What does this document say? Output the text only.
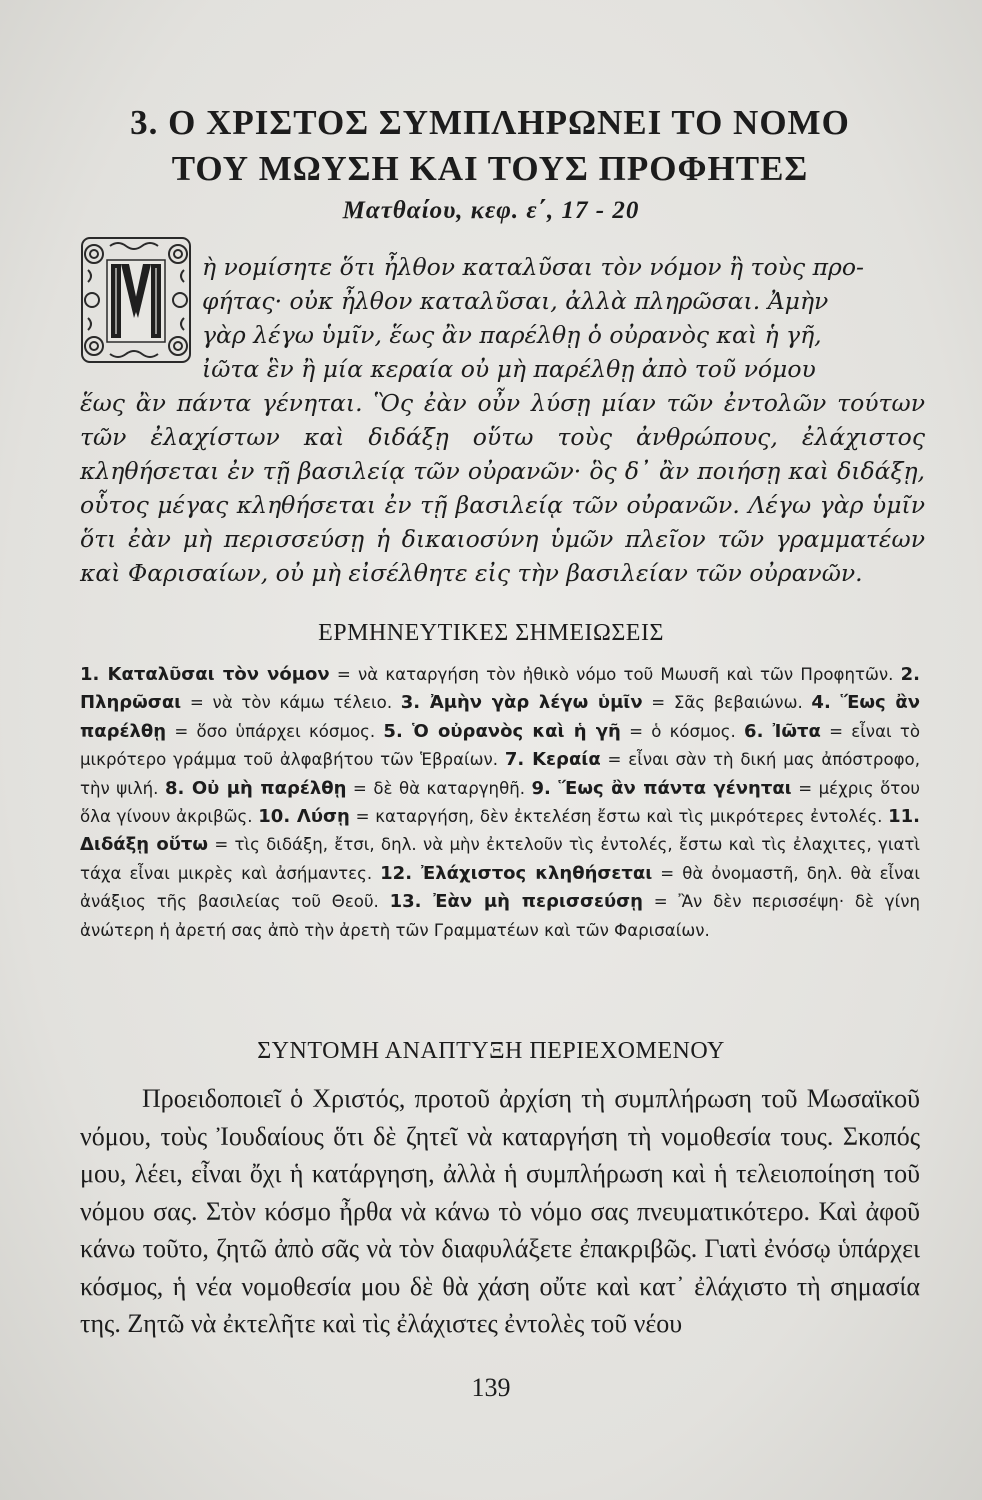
3. Ο ΧΡΙΣΤΟΣ ΣΥΜΠΛΗΡΩΝΕΙ ΤΟ ΝΟΜΟ
ΤΟΥ ΜΩΥΣΗ ΚΑΙ ΤΟΥΣ ΠΡΟΦΗΤΕΣ
Ματθαίου, κεφ. ε΄, 17 - 20
Μ
ὴ νομίσητε ὅτι ἦλθον καταλῦσαι τὸν νόμον ἢ τοὺς προ-
φήτας· οὐκ ἦλθον καταλῦσαι, ἀλλὰ πληρῶσαι. Ἀμὴν
γὰρ λέγω ὑμῖν, ἕως ἂν παρέλθῃ ὁ οὐρανὸς καὶ ἡ γῆ,
ἰῶτα ἓν ἢ μία κεραία οὐ μὴ παρέλθῃ ἀπὸ τοῦ νόμου
ἕως ἂν πάντα γένηται. Ὃς ἐὰν οὖν λύσῃ μίαν τῶν ἐντολῶν τούτων τῶν ἐλαχίστων καὶ διδάξῃ οὕτω τοὺς ἀνθρώπους, ἐλάχιστος κληθήσεται ἐν τῇ βασιλείᾳ τῶν οὐρανῶν· ὃς δ᾽ ἂν ποιήσῃ καὶ διδάξῃ, οὗτος μέγας κληθήσεται ἐν τῇ βασιλείᾳ τῶν οὐρανῶν. Λέγω γὰρ ὑμῖν ὅτι ἐὰν μὴ περισσεύσῃ ἡ δικαιοσύνη ὑμῶν πλεῖον τῶν γραμματέων καὶ Φαρισαίων, οὐ μὴ εἰσέλθητε εἰς τὴν βασιλείαν τῶν οὐρανῶν.
ΕΡΜΗΝΕΥΤΙΚΕΣ ΣΗΜΕΙΩΣΕΙΣ
1. Καταλῦσαι τὸν νόμον = νὰ καταργήση τὸν ἠθικὸ νόμο τοῦ Μωυσῆ καὶ τῶν Προφητῶν. 2. Πληρῶσαι = νὰ τὸν κάμω τέλειο. 3. Ἀμὴν γὰρ λέγω ὑμῖν = Σᾶς βεβαιώνω. 4. Ἕως ἂν παρέλθῃ = ὅσο ὑπάρχει κόσμος. 5. Ὁ οὐρανὸς καὶ ἡ γῆ = ὁ κόσμος. 6. Ἰῶτα = εἶναι τὸ μικρότερο γράμμα τοῦ ἀλφαβήτου τῶν Ἑβραίων. 7. Κεραία = εἶναι σὰν τὴ δική μας ἀπόστροφο, τὴν ψιλή. 8. Οὐ μὴ παρέλθῃ = δὲ θὰ καταργηθῆ. 9. Ἕως ἂν πάντα γένηται = μέχρις ὅτου ὅλα γίνουν ἀκριβῶς. 10. Λύσῃ = καταργήση, δὲν ἐκτελέση ἔστω καὶ τὶς μικρότερες ἐντολές. 11. Διδάξῃ οὕτω = τὶς διδάξη, ἔτσι, δηλ. νὰ μὴν ἐκτελοῦν τὶς ἐντολές, ἔστω καὶ τὶς ἐλαχιτες, γιατὶ τάχα εἶναι μικρὲς καὶ ἀσήμαντες. 12. Ἐλάχιστος κληθήσεται = θὰ ὀνομαστῆ, δηλ. θὰ εἶναι ἀνάξιος τῆς βασιλείας τοῦ Θεοῦ. 13. Ἐὰν μὴ περισσεύσῃ = Ἂν δὲν περισσέψη· δὲ γίνη ἀνώτερη ἡ ἀρετή σας ἀπὸ τὴν ἀρετὴ τῶν Γραμματέων καὶ τῶν Φαρισαίων.
ΣΥΝΤΟΜΗ ΑΝΑΠΤΥΞΗ ΠΕΡΙΕΧΟΜΕΝΟΥ

Προειδοποιεῖ ὁ Χριστός, προτοῦ ἀρχίση τὴ συμπλήρωση τοῦ Μωσαϊκοῦ νόμου, τοὺς Ἰουδαίους ὅτι δὲ ζητεῖ νὰ καταργήση τὴ νομοθεσία τους. Σκοπός μου, λέει, εἶναι ὄχι ἡ κατάργηση, ἀλλὰ ἡ συμπλήρωση καὶ ἡ τελειοποίηση τοῦ νόμου σας. Στὸν κόσμο ἦρθα νὰ κάνω τὸ νόμο σας πνευματικότερο. Καὶ ἀφοῦ κάνω τοῦτο, ζητῶ ἀπὸ σᾶς νὰ τὸν διαφυλάξετε ἐπακριβῶς. Γιατὶ ἐνόσῳ ὑπάρχει κόσμος, ἡ νέα νομοθεσία μου δὲ θὰ χάση οὔτε καὶ κατ᾽ ἐλάχιστο τὴ σημασία της. Ζητῶ νὰ ἐκτελῆτε καὶ τὶς ἐλάχιστες ἐντολὲς τοῦ νέου

139
